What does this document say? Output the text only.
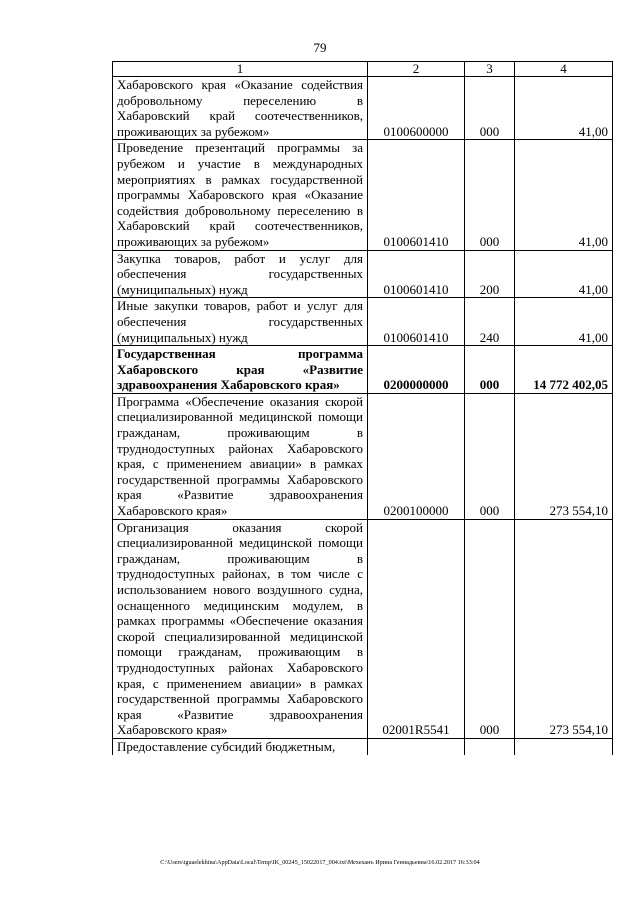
79
1	2	3	4
Хабаровского края «Оказание содействия добровольному переселению в Хабаровский край соотечественников, проживающих за рубежом»	0100600000	000	41,00
Проведение презентаций программы за рубежом и участие в международных мероприятиях в рамках государственной программы Хабаровского края «Оказание содействия добровольному переселению в Хабаровский край соотечественников, проживающих за рубежом»	0100601410	000	41,00
Закупка товаров, работ и услуг для обеспечения государственных (муниципальных) нужд	0100601410	200	41,00
Иные закупки товаров, работ и услуг для обеспечения государственных (муниципальных) нужд	0100601410	240	41,00
Государственная программа Хабаровского края «Развитие здравоохранения Хабаровского края»	0200000000	000	14 772 402,05
Программа «Обеспечение оказания скорой специализированной медицинской помощи гражданам, проживающим в труднодоступных районах Хабаровского края, с применением авиации» в рамках государственной программы Хабаровского края «Развитие здравоохранения Хабаровского края»	0200100000	000	273 554,10
Организация оказания скорой специализированной медицинской помощи гражданам, проживающим в труднодоступных районах, в том числе с использованием нового воздушного судна, оснащенного медицинским модулем, в рамках программы «Обеспечение оказания скорой специализированной медицинской помощи гражданам, проживающим в труднодоступных районах Хабаровского края, с применением авиации» в рамках государственной программы Хабаровского края «Развитие здравоохранения Хабаровского края»	02001R5541	000	273 554,10
Предоставление субсидий бюджетным,			
C:\Users\iguaelekhina\AppData\Local\Temp\IK_00245_15022017_004.txt\Мехеханъ Ирина Геннадьевна\16.02.2017 16:33:04
